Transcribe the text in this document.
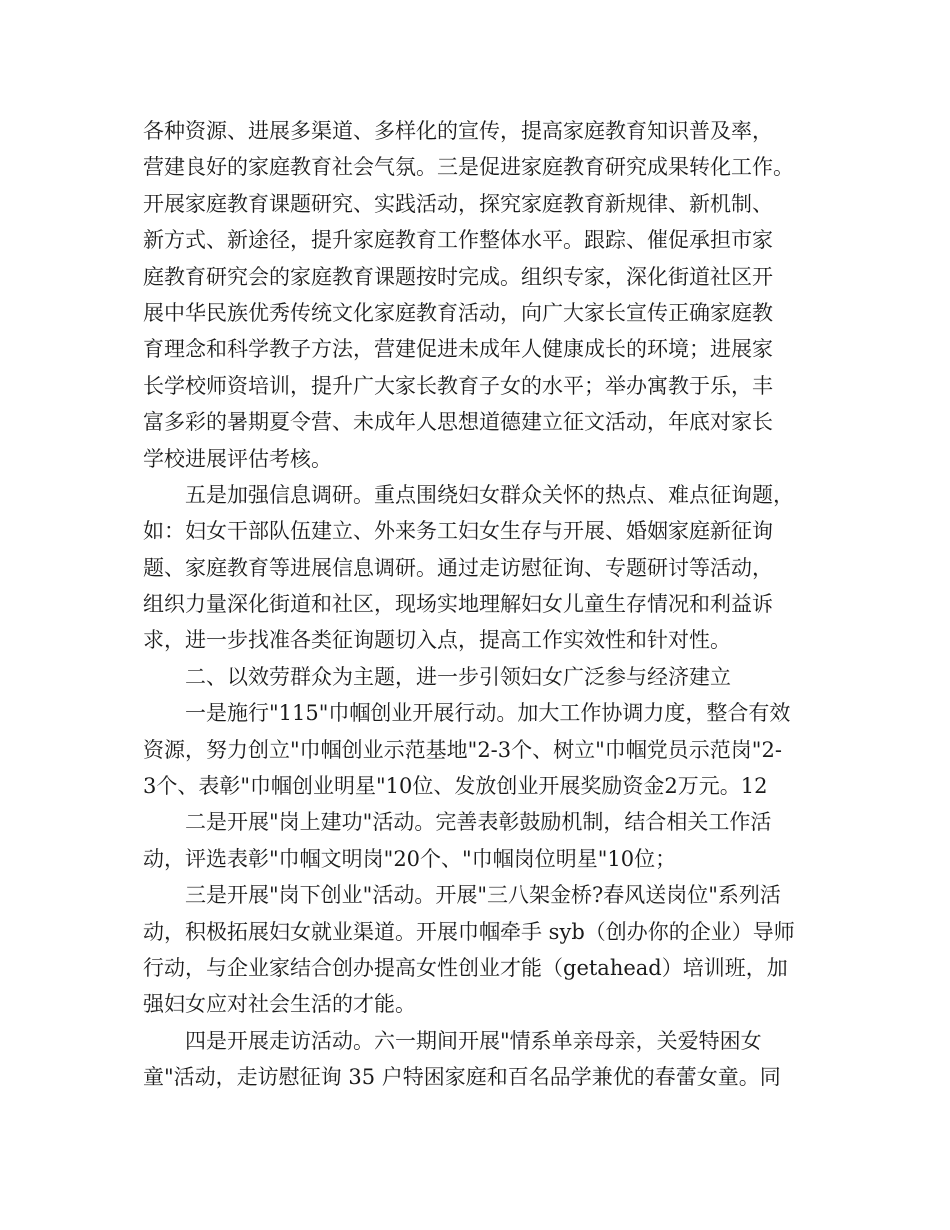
各种资源、进展多渠道、多样化的宣传，提高家庭教育知识普及率，
营建良好的家庭教育社会气氛。三是促进家庭教育研究成果转化工作。
开展家庭教育课题研究、实践活动，探究家庭教育新规律、新机制、
新方式、新途径，提升家庭教育工作整体水平。跟踪、催促承担市家
庭教育研究会的家庭教育课题按时完成。组织专家，深化街道社区开
展中华民族优秀传统文化家庭教育活动，向广大家长宣传正确家庭教
育理念和科学教子方法，营建促进未成年人健康成长的环境；进展家
长学校师资培训，提升广大家长教育子女的水平；举办寓教于乐，丰
富多彩的暑期夏令营、未成年人思想道德建立征文活动，年底对家长
学校进展评估考核。
五是加强信息调研。重点围绕妇女群众关怀的热点、难点征询题，
如：妇女干部队伍建立、外来务工妇女生存与开展、婚姻家庭新征询
题、家庭教育等进展信息调研。通过走访慰征询、专题研讨等活动，
组织力量深化街道和社区，现场实地理解妇女儿童生存情况和利益诉
求，进一步找准各类征询题切入点，提高工作实效性和针对性。
二、以效劳群众为主题，进一步引领妇女广泛参与经济建立
一是施行"115"巾帼创业开展行动。加大工作协调力度，整合有效
资源，努力创立"巾帼创业示范基地"2-3个、树立"巾帼党员示范岗"2-
3个、表彰"巾帼创业明星"10位、发放创业开展奖励资金2万元。12
二是开展"岗上建功"活动。完善表彰鼓励机制，结合相关工作活
动，评选表彰"巾帼文明岗"20个、"巾帼岗位明星"10位；
三是开展"岗下创业"活动。开展"三八架金桥?春风送岗位"系列活
动，积极拓展妇女就业渠道。开展巾帼牵手 syb（创办你的企业）导师
行动，与企业家结合创办提高女性创业才能（getahead）培训班，加
强妇女应对社会生活的才能。
四是开展走访活动。六一期间开展"情系单亲母亲，关爱特困女
童"活动，走访慰征询 35 户特困家庭和百名品学兼优的春蕾女童。同
